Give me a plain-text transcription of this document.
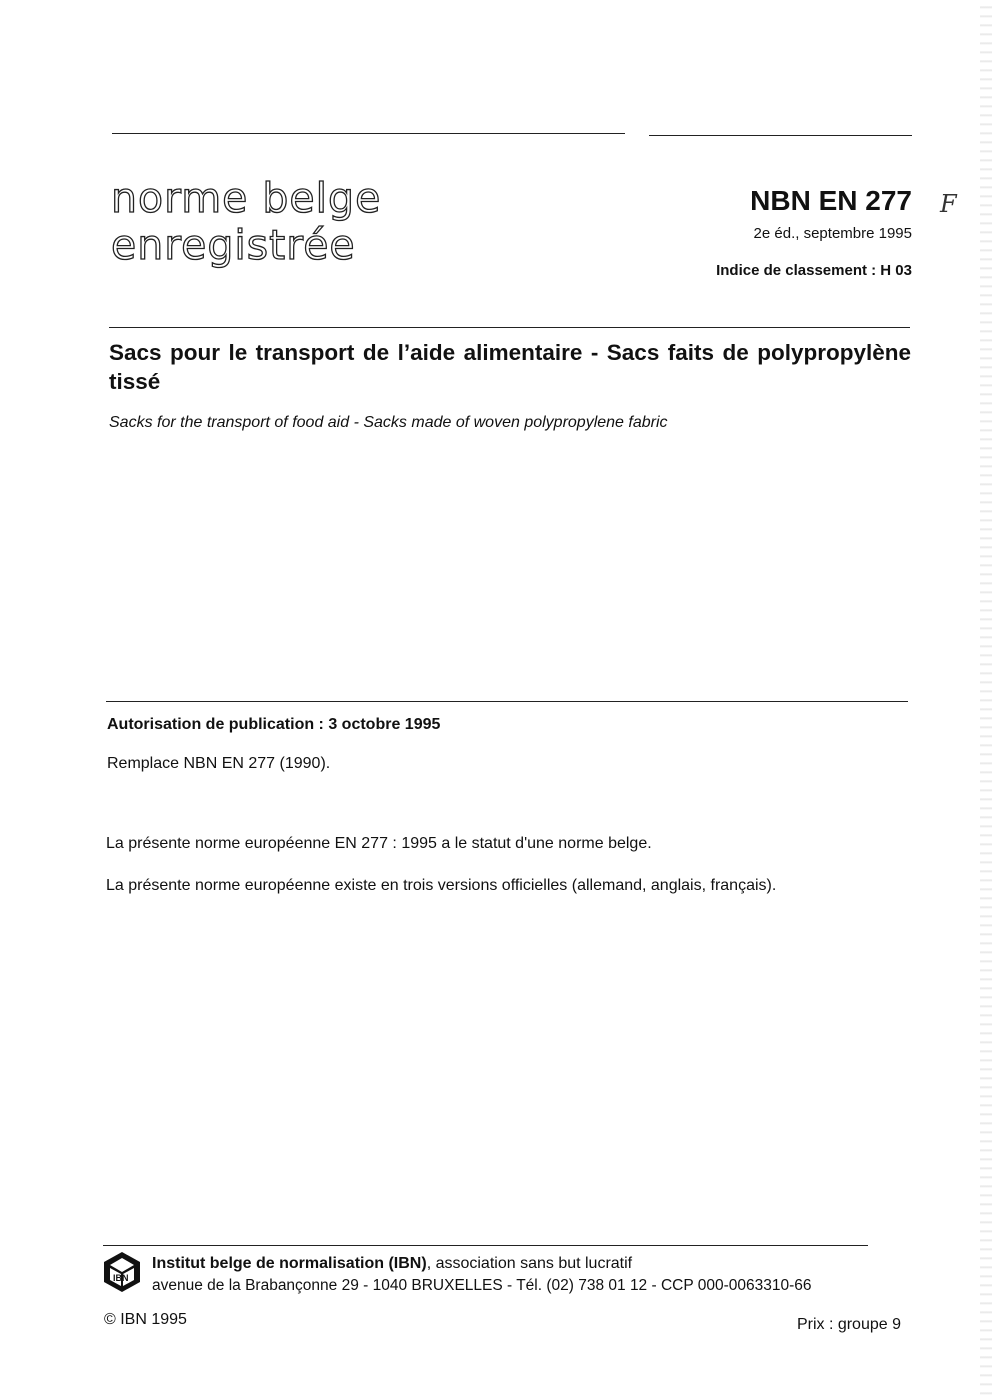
norme belge
enregistrée
NBN EN 277 F
2e éd., septembre 1995
Indice de classement : H 03
Sacs pour le transport de l’aide alimentaire - Sacs faits de polypropylène tissé
Sacks for the transport of food aid - Sacks made of woven polypropylene fabric
Autorisation de publication : 3 octobre 1995
Remplace NBN EN 277 (1990).
La présente norme européenne EN 277 : 1995 a le statut d'une norme belge.
La présente norme européenne existe en trois versions officielles (allemand, anglais, français).
IBN
Institut belge de normalisation (IBN), association sans but lucratif
avenue de la Brabançonne 29 - 1040 BRUXELLES - Tél. (02) 738 01 12 - CCP 000-0063310-66
© IBN 1995	Prix : groupe 9
